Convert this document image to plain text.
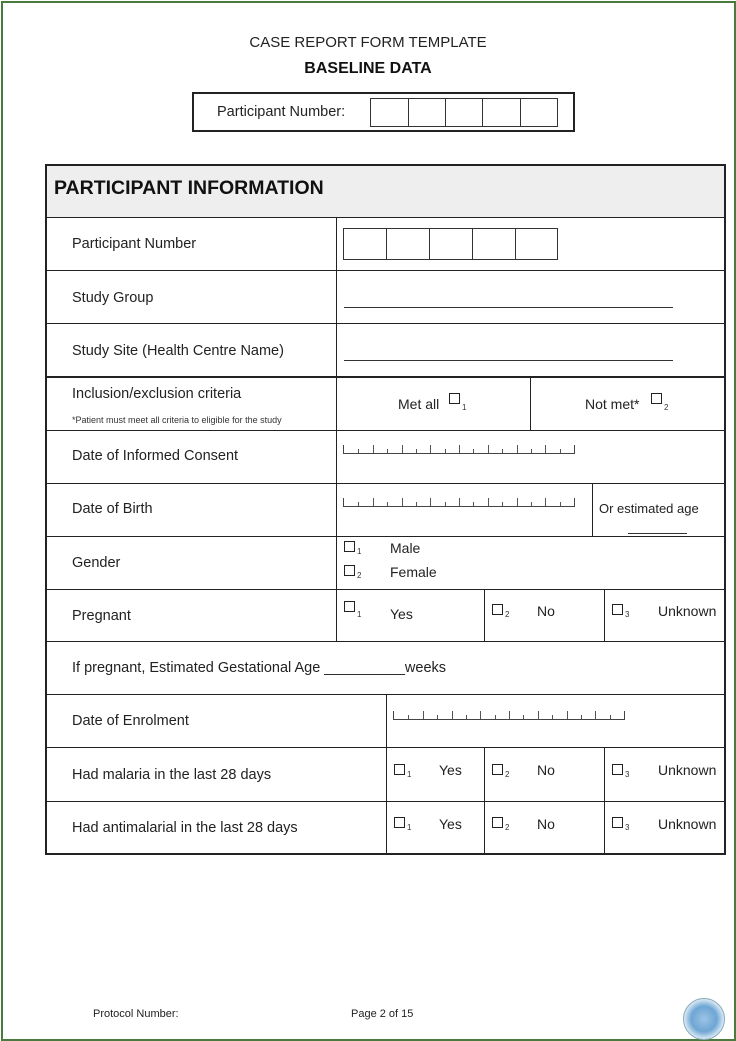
CASE REPORT FORM TEMPLATE
BASELINE DATA
Participant Number:
PARTICIPANT INFORMATION
Participant Number
Study Group
Study Site (Health Centre Name)
Inclusion/exclusion criteria
*Patient must meet all criteria to eligible for the study
Met all	1	Not met*	2
Date of Informed Consent
Date of Birth	Or estimated age
Gender
1 Male
2 Female
Pregnant	1 Yes	2 No	3 Unknown
If pregnant, Estimated Gestational Age __________weeks
Date of Enrolment
Had malaria in the last 28 days	1 Yes	2 No	3 Unknown
Had antimalarial in the last 28 days	1 Yes	2 No	3 Unknown
Protocol Number:	Page 2 of 15
